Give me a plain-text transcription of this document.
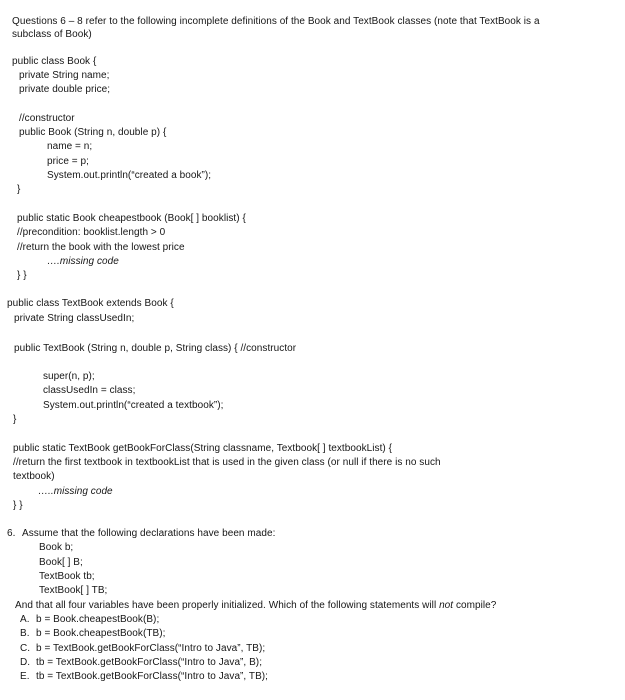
Questions 6 – 8 refer to the following incomplete definitions of the Book and TextBook classes (note that TextBook is a
subclass of Book)
public class Book {
private String name;
private double price;
//constructor
public Book (String n, double p) {
name = n;
price = p;
System.out.println(“created a book”);
}
public static Book cheapestbook (Book[ ] booklist) {
//precondition: booklist.length > 0
//return the book with the lowest price
….missing code
} }
public class TextBook extends Book {
private String classUsedIn;
public TextBook (String n, double p, String class) { //constructor
super(n, p);
classUsedIn = class;
System.out.println(“created a textbook”);
}
public static TextBook getBookForClass(String classname, Textbook[ ] textbookList) {
//return the first textbook in textbookList that is used in the given class (or null if there is no such
textbook)
…..missing code
} }
6. Assume that the following declarations have been made:
Book b;
Book[ ] B;
TextBook tb;
TextBook[ ] TB;
And that all four variables have been properly initialized. Which of the following statements will not compile?
A. b = Book.cheapestBook(B);
B. b = Book.cheapestBook(TB);
C. b = TextBook.getBookForClass(“Intro to Java”, TB);
D. tb = TextBook.getBookForClass(“Intro to Java”, B);
E. tb = TextBook.getBookForClass(“Intro to Java”, TB);
